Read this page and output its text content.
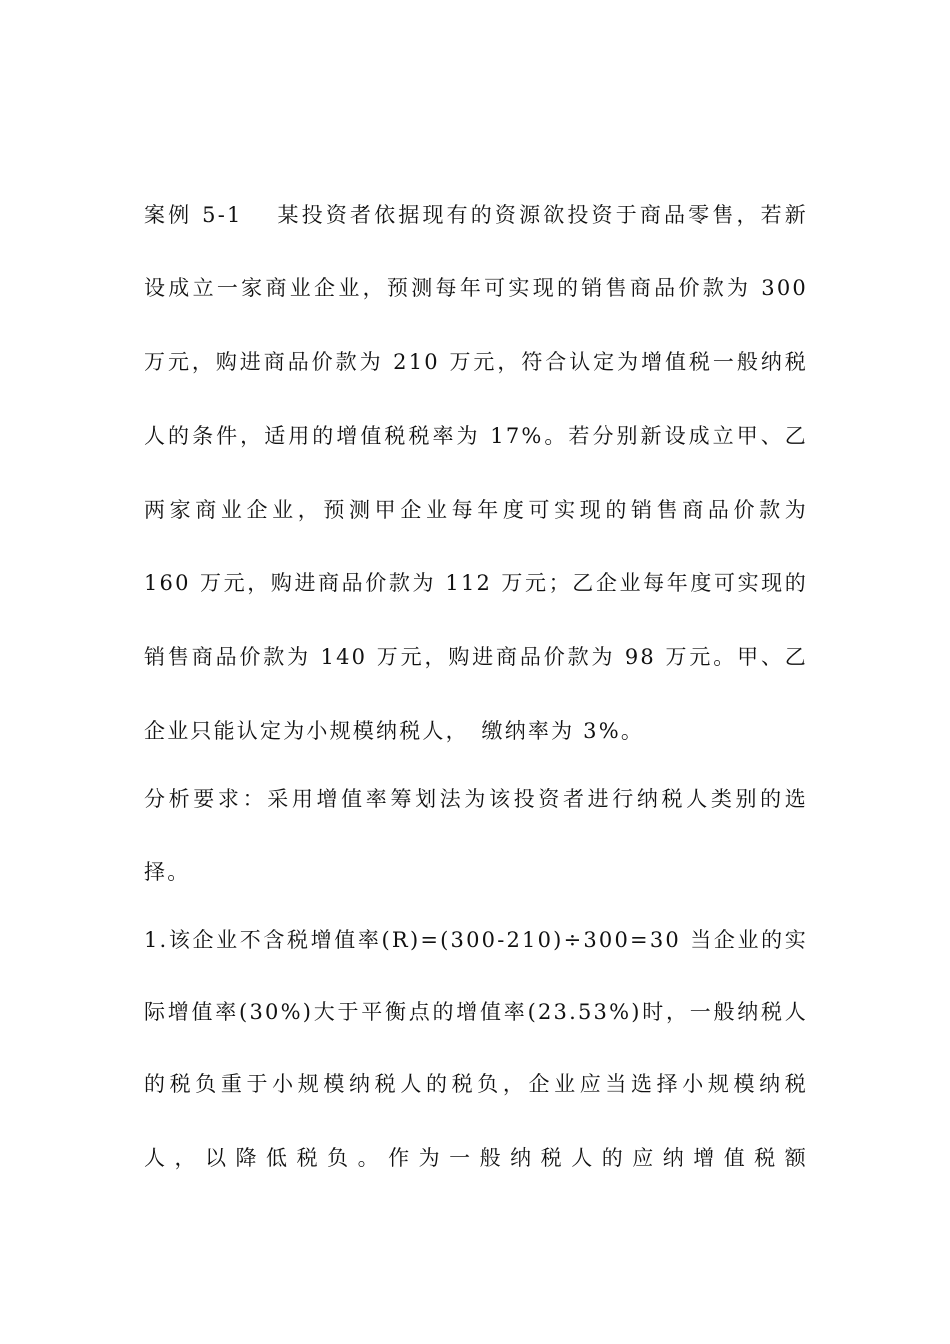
案例 5-1　 某投资者依据现有的资源欲投资于商品零售，若新
设成立一家商业企业，预测每年可实现的销售商品价款为 300
万元，购进商品价款为 210 万元，符合认定为增值税一般纳税
人的条件，适用的增值税税率为 17%。若分别新设成立甲、乙
两家商业企业，预测甲企业每年度可实现的销售商品价款为
160 万元，购进商品价款为 112 万元；乙企业每年度可实现的
销售商品价款为 140 万元，购进商品价款为 98 万元。甲、乙
企业只能认定为小规模纳税人，　缴纳率为 3%。
分析要求：采用增值率筹划法为该投资者进行纳税人类别的选
择。
1.该企业不含税增值率(R)=(300-210)÷300=30 当企业的实
际增值率(30%)大于平衡点的增值率(23.53%)时，一般纳税人
的税负重于小规模纳税人的税负，企业应当选择小规模纳税
人，以降低税负。作为一般纳税人的应纳增值税额
